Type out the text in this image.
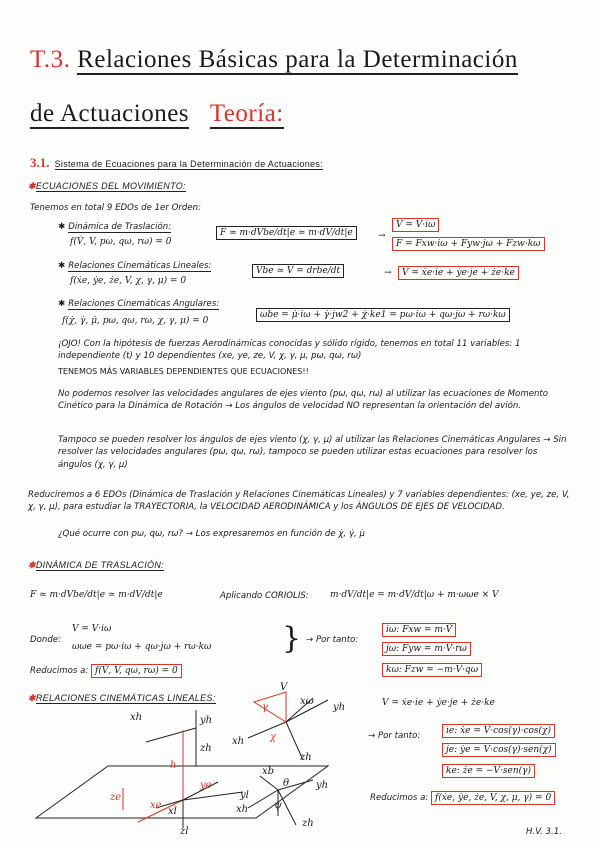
T.3. Relaciones Básicas para la Determinación
de Actuaciones Teoría:
3.1. Sistema de Ecuaciones para la Determinación de Actuaciones:
✱ECUACIONES DEL MOVIMIENTO:
Tenemos en total 9 EDOs de 1er Orden:
✱ Dinámica de Traslación:
f(V̇, V, pω, qω, rω) = 0
F ≃ m·dVbe/dt|e ≃ m·dV/dt|e	→
V = V·iω
F = Fxw·iω + Fyw·jω + Fzw·kω
✱ Relaciones Cinemáticas Lineales:
f(ẋe, ẏe, że, V, χ, γ, μ) = 0
Vbe ≃ V = drbe/dt	→	V = ẋe·ie + ẏe·je + że·ke
✱ Relaciones Cinemáticas Angulares:
f(χ̇, γ̇, μ̇, pω, qω, rω, χ, γ, μ) = 0
ωbe = μ̇·iω + γ̇·jw2 + χ̇·ke1 = pω·iω + qω·jω + rω·kω
¡OJO! Con la hipótesis de fuerzas Aerodinámicas conocidas y sólido rígido, tenemos en total 11 variables: 1 independiente (t) y 10 dependientes (xe, ye, ze, V, χ, γ, μ, pω, qω, rω)
TENEMOS MÁS VARIABLES DEPENDIENTES QUE ECUACIONES!!
No podemos resolver las velocidades angulares de ejes viento (pω, qω, rω) al utilizar las ecuaciones de Momento Cinético para la Dinámica de Rotación → Los ángulos de velocidad NO representan la orientación del avión.
Tampoco se pueden resolver los ángulos de ejes viento (χ, γ, μ) al utilizar las Relaciones Cinemáticas Angulares → Sin resolver las velocidades angulares (pω, qω, rω), tampoco se pueden utilizar estas ecuaciones para resolver los ángulos (χ, γ, μ)
Reduciremos a 6 EDOs (Dinámica de Traslación y Relaciones Cinemáticas Lineales) y 7 variables dependientes: (xe, ye, ze, V, χ, γ, μ), para estudiar la TRAYECTORIA, la VELOCIDAD AERODINÁMICA y los ÁNGULOS DE EJES DE VELOCIDAD.
¿Qué ocurre con pω, qω, rω? → Los expresaremos en función de χ̇, γ̇, μ̇
✱DINÁMICA DE TRASLACIÓN:
F ≃ m·dVbe/dt|e ≃ m·dV/dt|e	Aplicando CORIOLIS: m·dV/dt|e = m·dV/dt|ω + m·ωωe × V
Donde:
V = V·iω
ωωe = pω·iω + qω·jω + rω·kω } → Por tanto:
iω: Fxw = m·V̇
jω: Fyw = m·V·rω
kω: Fzw = −m·V·qω
Reducimos a: f(V̇, V, qω, rω) = 0
✱RELACIONES CINEMÁTICAS LINEALES:	V = ẋe·ie + ẏe·je + że·ke
→ Por tanto:	ie: ẋe = V·cos(γ)·cos(χ)
je: ẏe = V·cos(γ)·sen(χ)
ke: że = −V·sen(γ)
Reducimos a: f(ẋe, ẏe, że, V, χ, μ, γ) = 0
xh	yh
zh
h
ye
xe
ze
xl
yl
zl
xω
V
γ
χ
yh
xh
zh
xb
θ
ψ
yh
xh
zh
H.V. 3.1.
